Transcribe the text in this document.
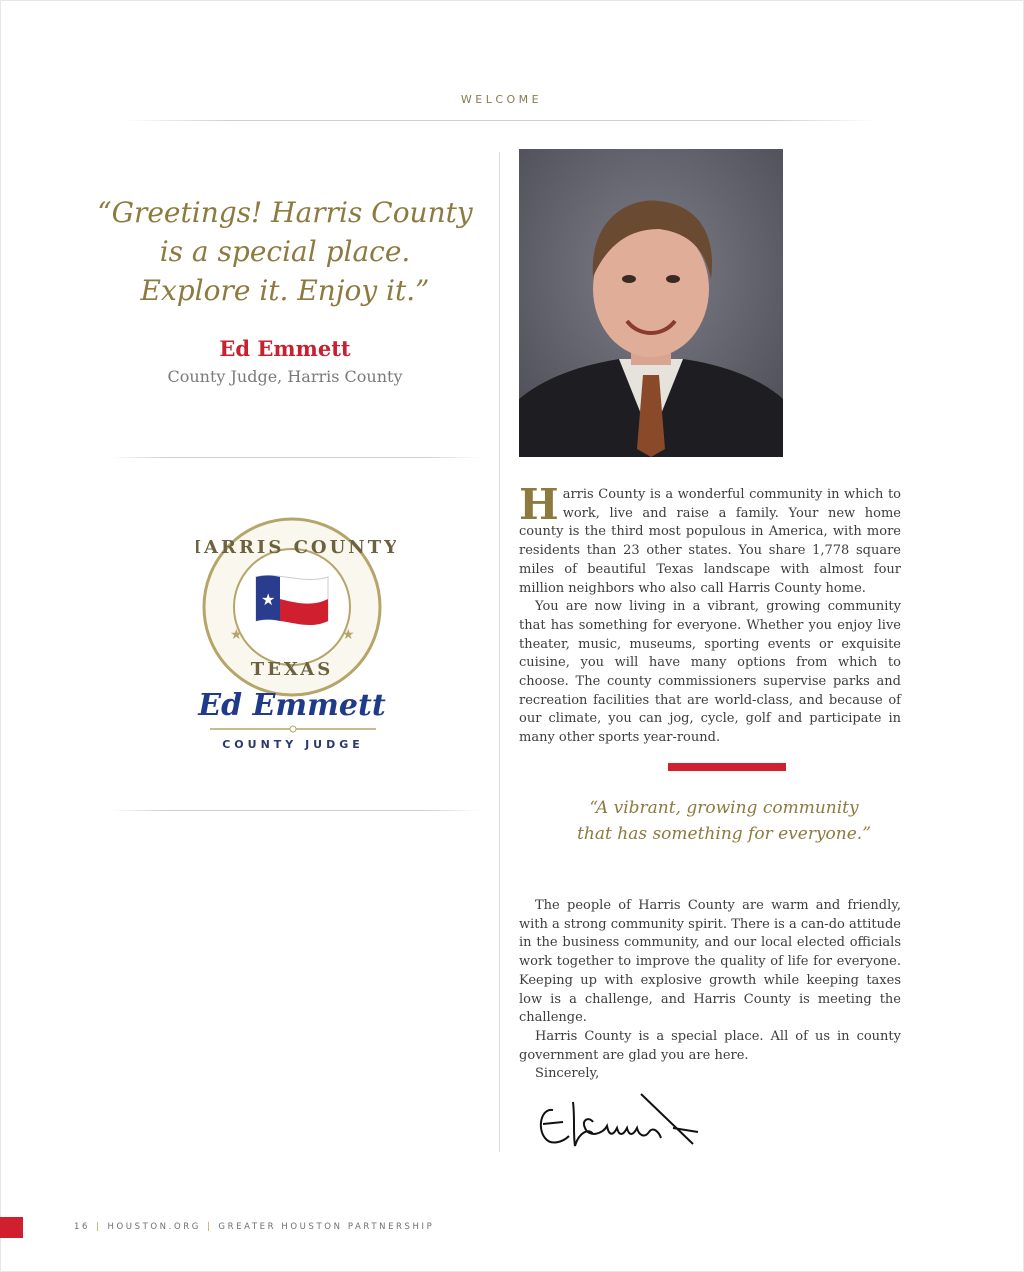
WELCOME
“Greetings! Harris County
is a special place.
Explore it. Enjoy it.”
Ed Emmett
County Judge, Harris County
HARRIS COUNTY
TEXAS
★	★
★
Ed Emmett
COUNTY JUDGE

Harris County is a wonderful community in which to work, live and raise a family. Your new home county is the third most populous in America, with more residents than 23 other states. You share 1,778 square miles of beautiful Texas landscape with almost four million neighbors who also call Harris County home.

You are now living in a vibrant, growing community that has something for everyone. Whether you enjoy live theater, music, museums, sporting events or exquisite cuisine, you will have many options from which to choose. The county commissioners supervise parks and recreation facilities that are world-class, and because of our climate, you can jog, cycle, golf and participate in many other sports year-round.

“A vibrant, growing community
that has something for everyone.”

The people of Harris County are warm and friendly, with a strong community spirit. There is a can-do attitude in the business community, and our local elected officials work together to improve the quality of life for everyone. Keeping up with explosive growth while keeping taxes low is a challenge, and Harris County is meeting the challenge.

Harris County is a special place. All of us in county government are glad you are here.

Sincerely,
16 | HOUSTON.ORG | GREATER HOUSTON PARTNERSHIP
